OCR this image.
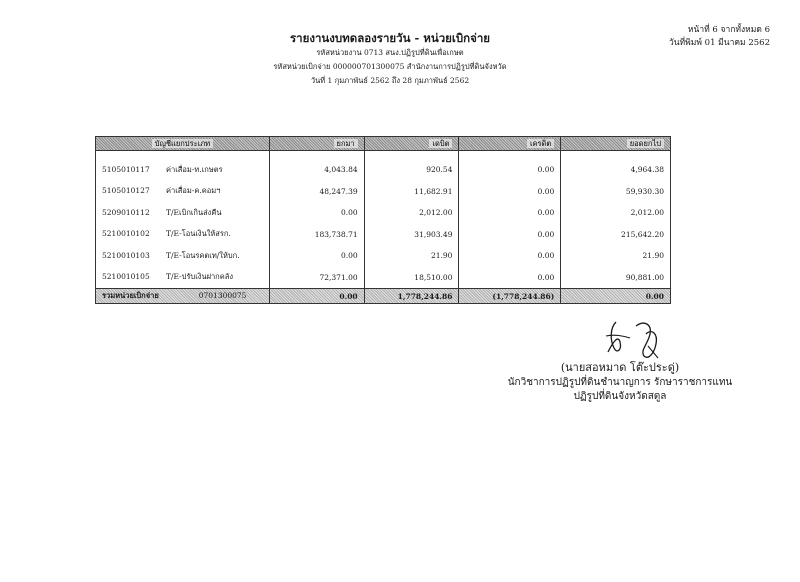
หน้าที่ 6 จากทั้งหมด 6
วันที่พิมพ์ 01 มีนาคม 2562
รายงานงบทดลองรายวัน - หน่วยเบิกจ่าย
รหัสหน่วยงาน 0713 สนง.ปฏิรูปที่ดินเพื่อเกษต
รหัสหน่วยเบิกจ่าย 000000701300075 สำนักงานการปฏิรูปที่ดินจังหวัด
วันที่ 1 กุมภาพันธ์ 2562 ถึง 28 กุมภาพันธ์ 2562
บัญชีแยกประเภท	ยกมา	เดบิต	เครดิต	ยอดยกไป
5105010117 ค่าเสื่อม-ท.เกษตร	4,043.84	920.54	0.00	4,964.38
5105010127 ค่าเสื่อม-ค.คอมฯ	48,247.39	11,682.91	0.00	59,930.30
5209010112 T/Eเบิกเกินส่งคืน	0.00	2,012.00	0.00	2,012.00
5210010102 T/E-โอนเงินให้สรก.	183,738.71	31,903.49	0.00	215,642.20
5210010103 T/E-โอนรคตเท/ให้บก.	0.00	21.90	0.00	21.90
5210010105 T/E-ปรับเงินฝากคลัง	72,371.00	18,510.00	0.00	90,881.00
รวมหน่วยเบิกจ่าย 0701300075	0.00	1,778,244.86	(1,778,244.86)	0.00
(นายสอหมาด โต๊ะประดู่)
นักวิชาการปฏิรูปที่ดินชำนาญการ รักษาราชการแทน
ปฏิรูปที่ดินจังหวัดสตูล
